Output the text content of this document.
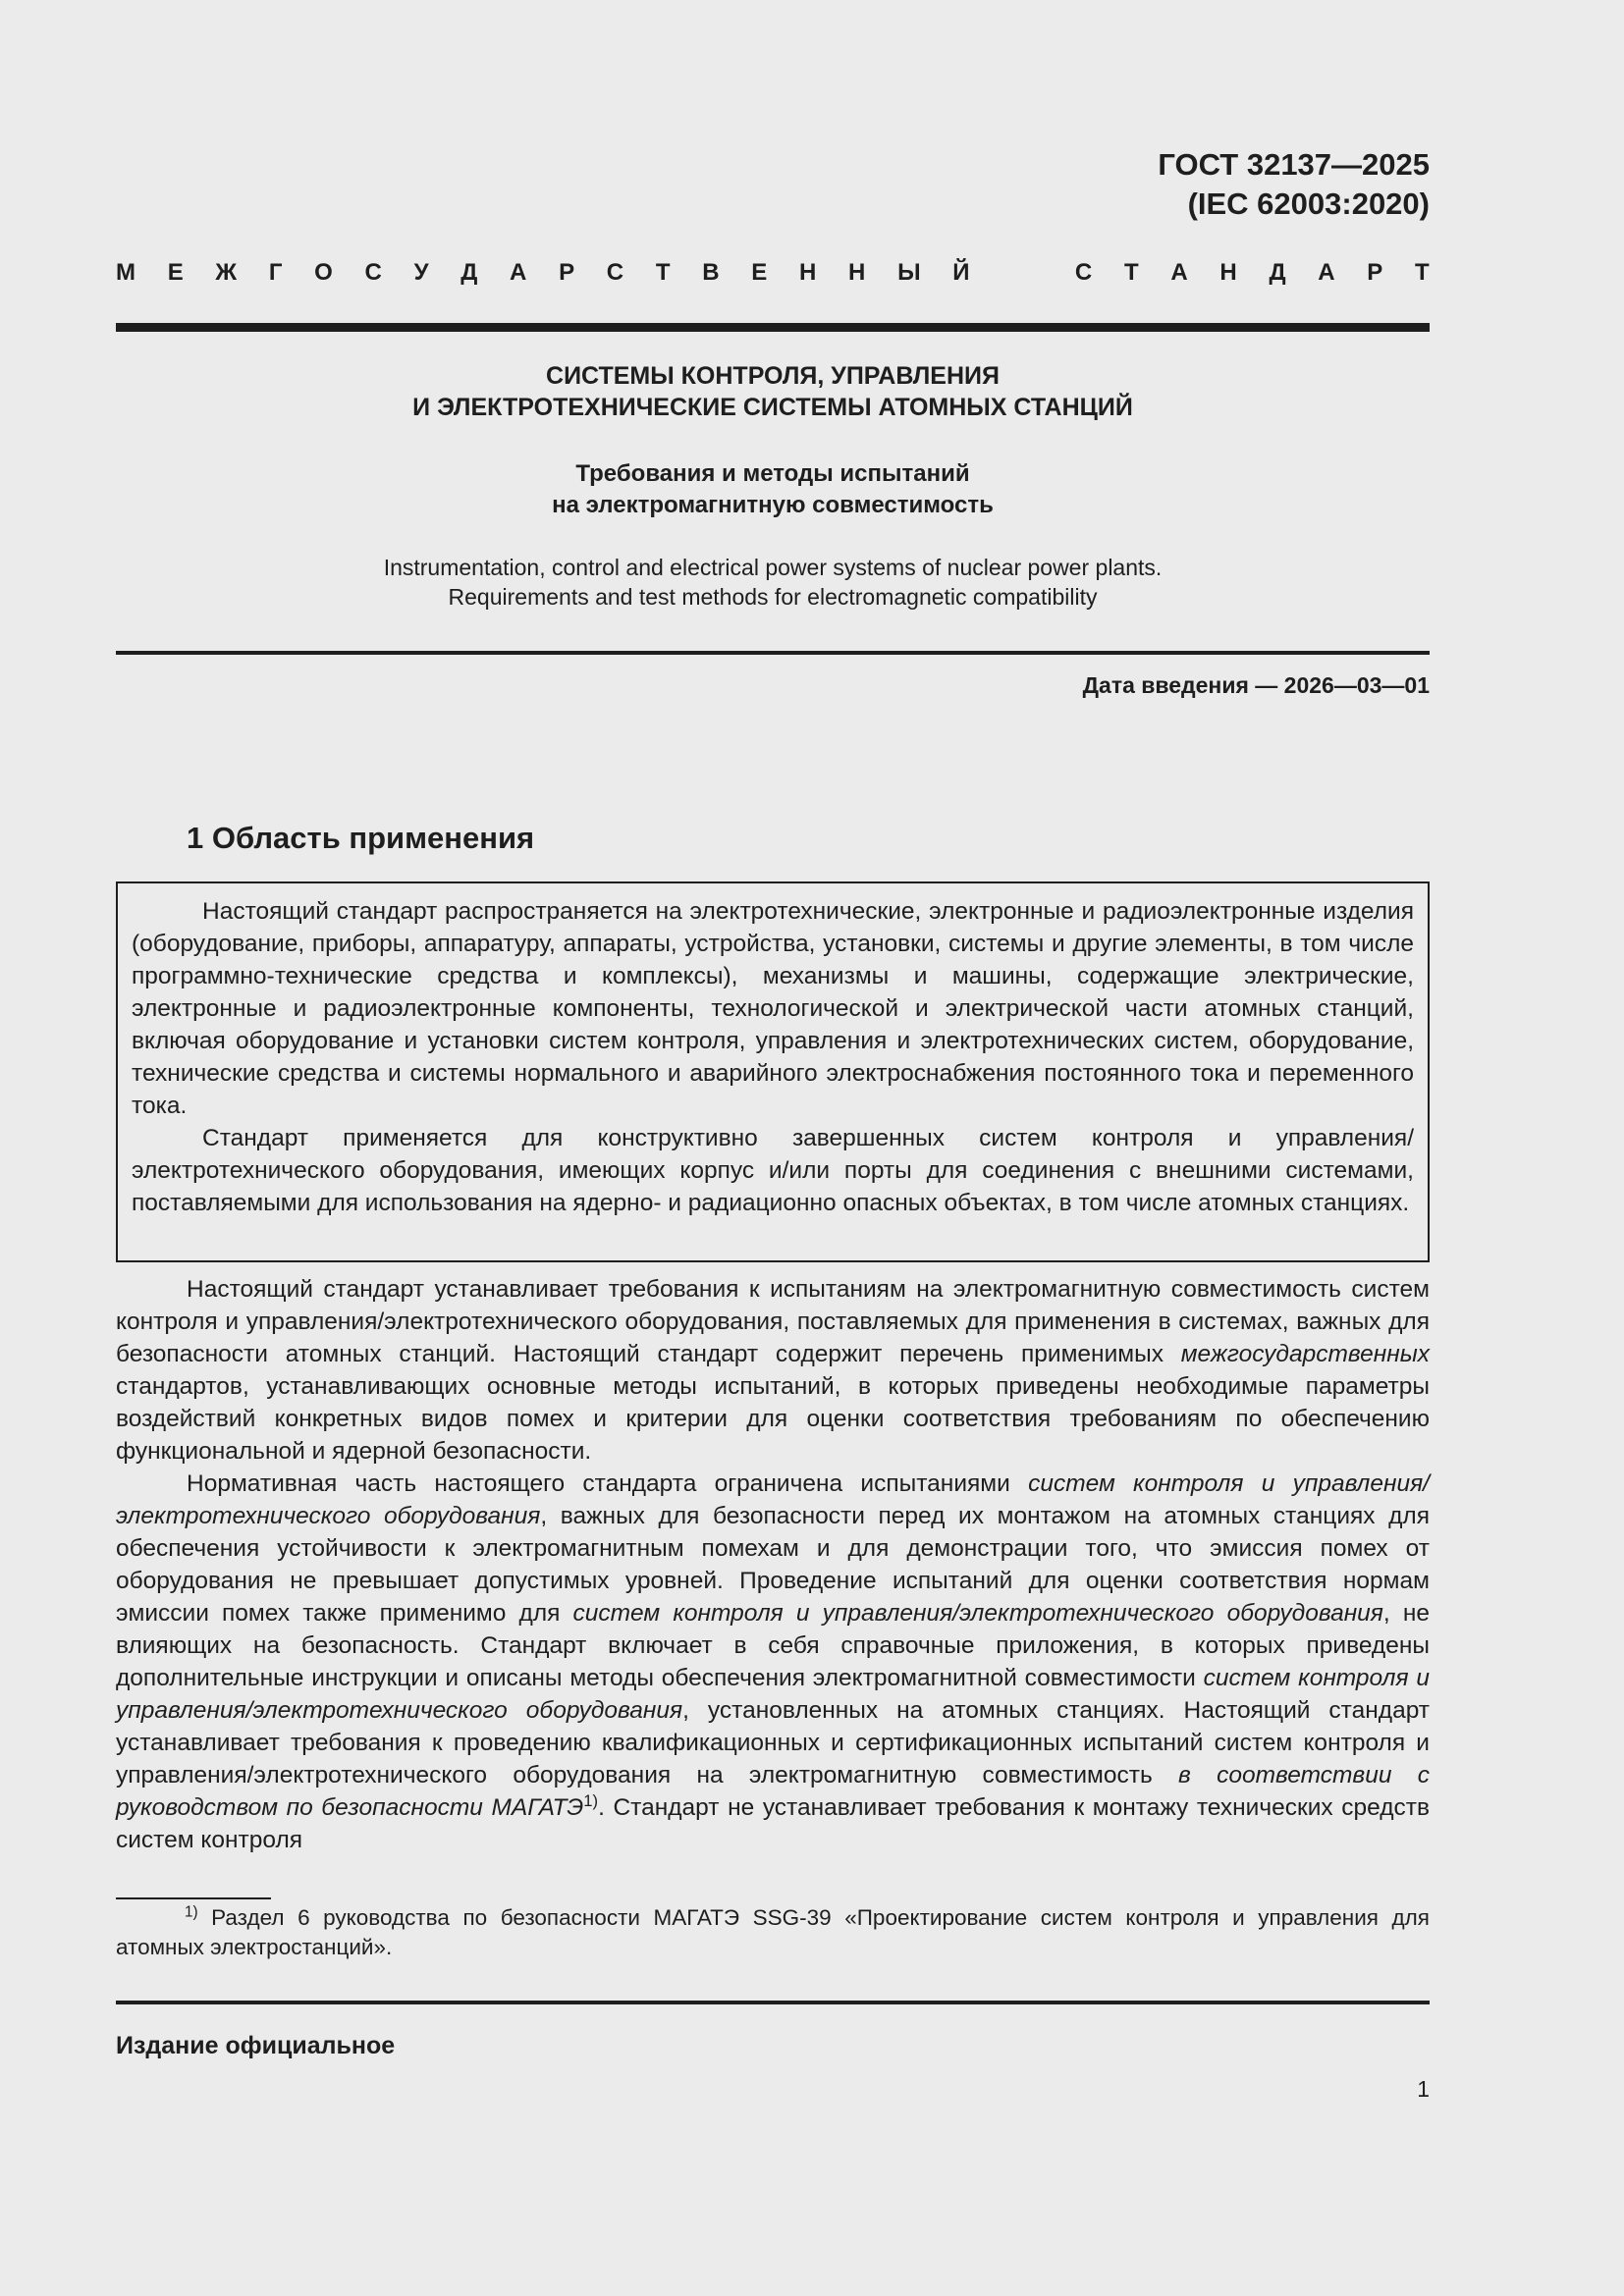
ГОСТ 32137—2025
(IEC 62003:2020)
М Е Ж Г О С У Д А Р С Т В Е Н Н Ы Й	С Т А Н Д А Р Т
СИСТЕМЫ КОНТРОЛЯ, УПРАВЛЕНИЯ
И ЭЛЕКТРОТЕХНИЧЕСКИЕ СИСТЕМЫ АТОМНЫХ СТАНЦИЙ
Требования и методы испытаний
на электромагнитную совместимость
Instrumentation, control and electrical power systems of nuclear power plants.
Requirements and test methods for electromagnetic compatibility
Дата введения — 2026—03—01
1 Область применения

Настоящий стандарт распространяется на электротехнические, электронные и радиоэлектронные изделия (оборудование, приборы, аппаратуру, аппараты, устройства, установки, системы и другие элементы, в том числе программно-технические средства и комплексы), механизмы и машины, содержащие электрические, электронные и радиоэлектронные компоненты, технологической и электрической части атомных станций, включая оборудование и установки систем контроля, управления и электротехнических систем, оборудование, технические средства и системы нормального и аварийного электроснабжения постоянного тока и переменного тока.

Стандарт применяется для конструктивно завершенных систем контроля и управления/электротехнического оборудования, имеющих корпус и/или порты для соединения с внешними системами, поставляемыми для использования на ядерно- и радиационно опасных объектах, в том числе атомных станциях.

Настоящий стандарт устанавливает требования к испытаниям на электромагнитную совместимость систем контроля и управления/электротехнического оборудования, поставляемых для применения в системах, важных для безопасности атомных станций. Настоящий стандарт содержит перечень применимых межгосударственных стандартов, устанавливающих основные методы испытаний, в которых приведены необходимые параметры воздействий конкретных видов помех и критерии для оценки соответствия требованиям по обеспечению функциональной и ядерной безопасности.

Нормативная часть настоящего стандарта ограничена испытаниями систем контроля и управления/электротехнического оборудования, важных для безопасности перед их монтажом на атомных станциях для обеспечения устойчивости к электромагнитным помехам и для демонстрации того, что эмиссия помех от оборудования не превышает допустимых уровней. Проведение испытаний для оценки соответствия нормам эмиссии помех также применимо для систем контроля и управления/электротехнического оборудования, не влияющих на безопасность. Стандарт включает в себя справочные приложения, в которых приведены дополнительные инструкции и описаны методы обеспечения электромагнитной совместимости систем контроля и управления/электротехнического оборудования, установленных на атомных станциях. Настоящий стандарт устанавливает требования к проведению квалификационных и сертификационных испытаний систем контроля и управления/электротехнического оборудования на электромагнитную совместимость в соответствии с руководством по безопасности МАГАТЭ$^{1)}$. Стандарт не устанавливает требования к монтажу технических средств систем контроля

$^{1)}$ Раздел 6 руководства по безопасности МАГАТЭ SSG-39 «Проектирование систем контроля и управления для атомных электростанций».

Издание официальное
1
